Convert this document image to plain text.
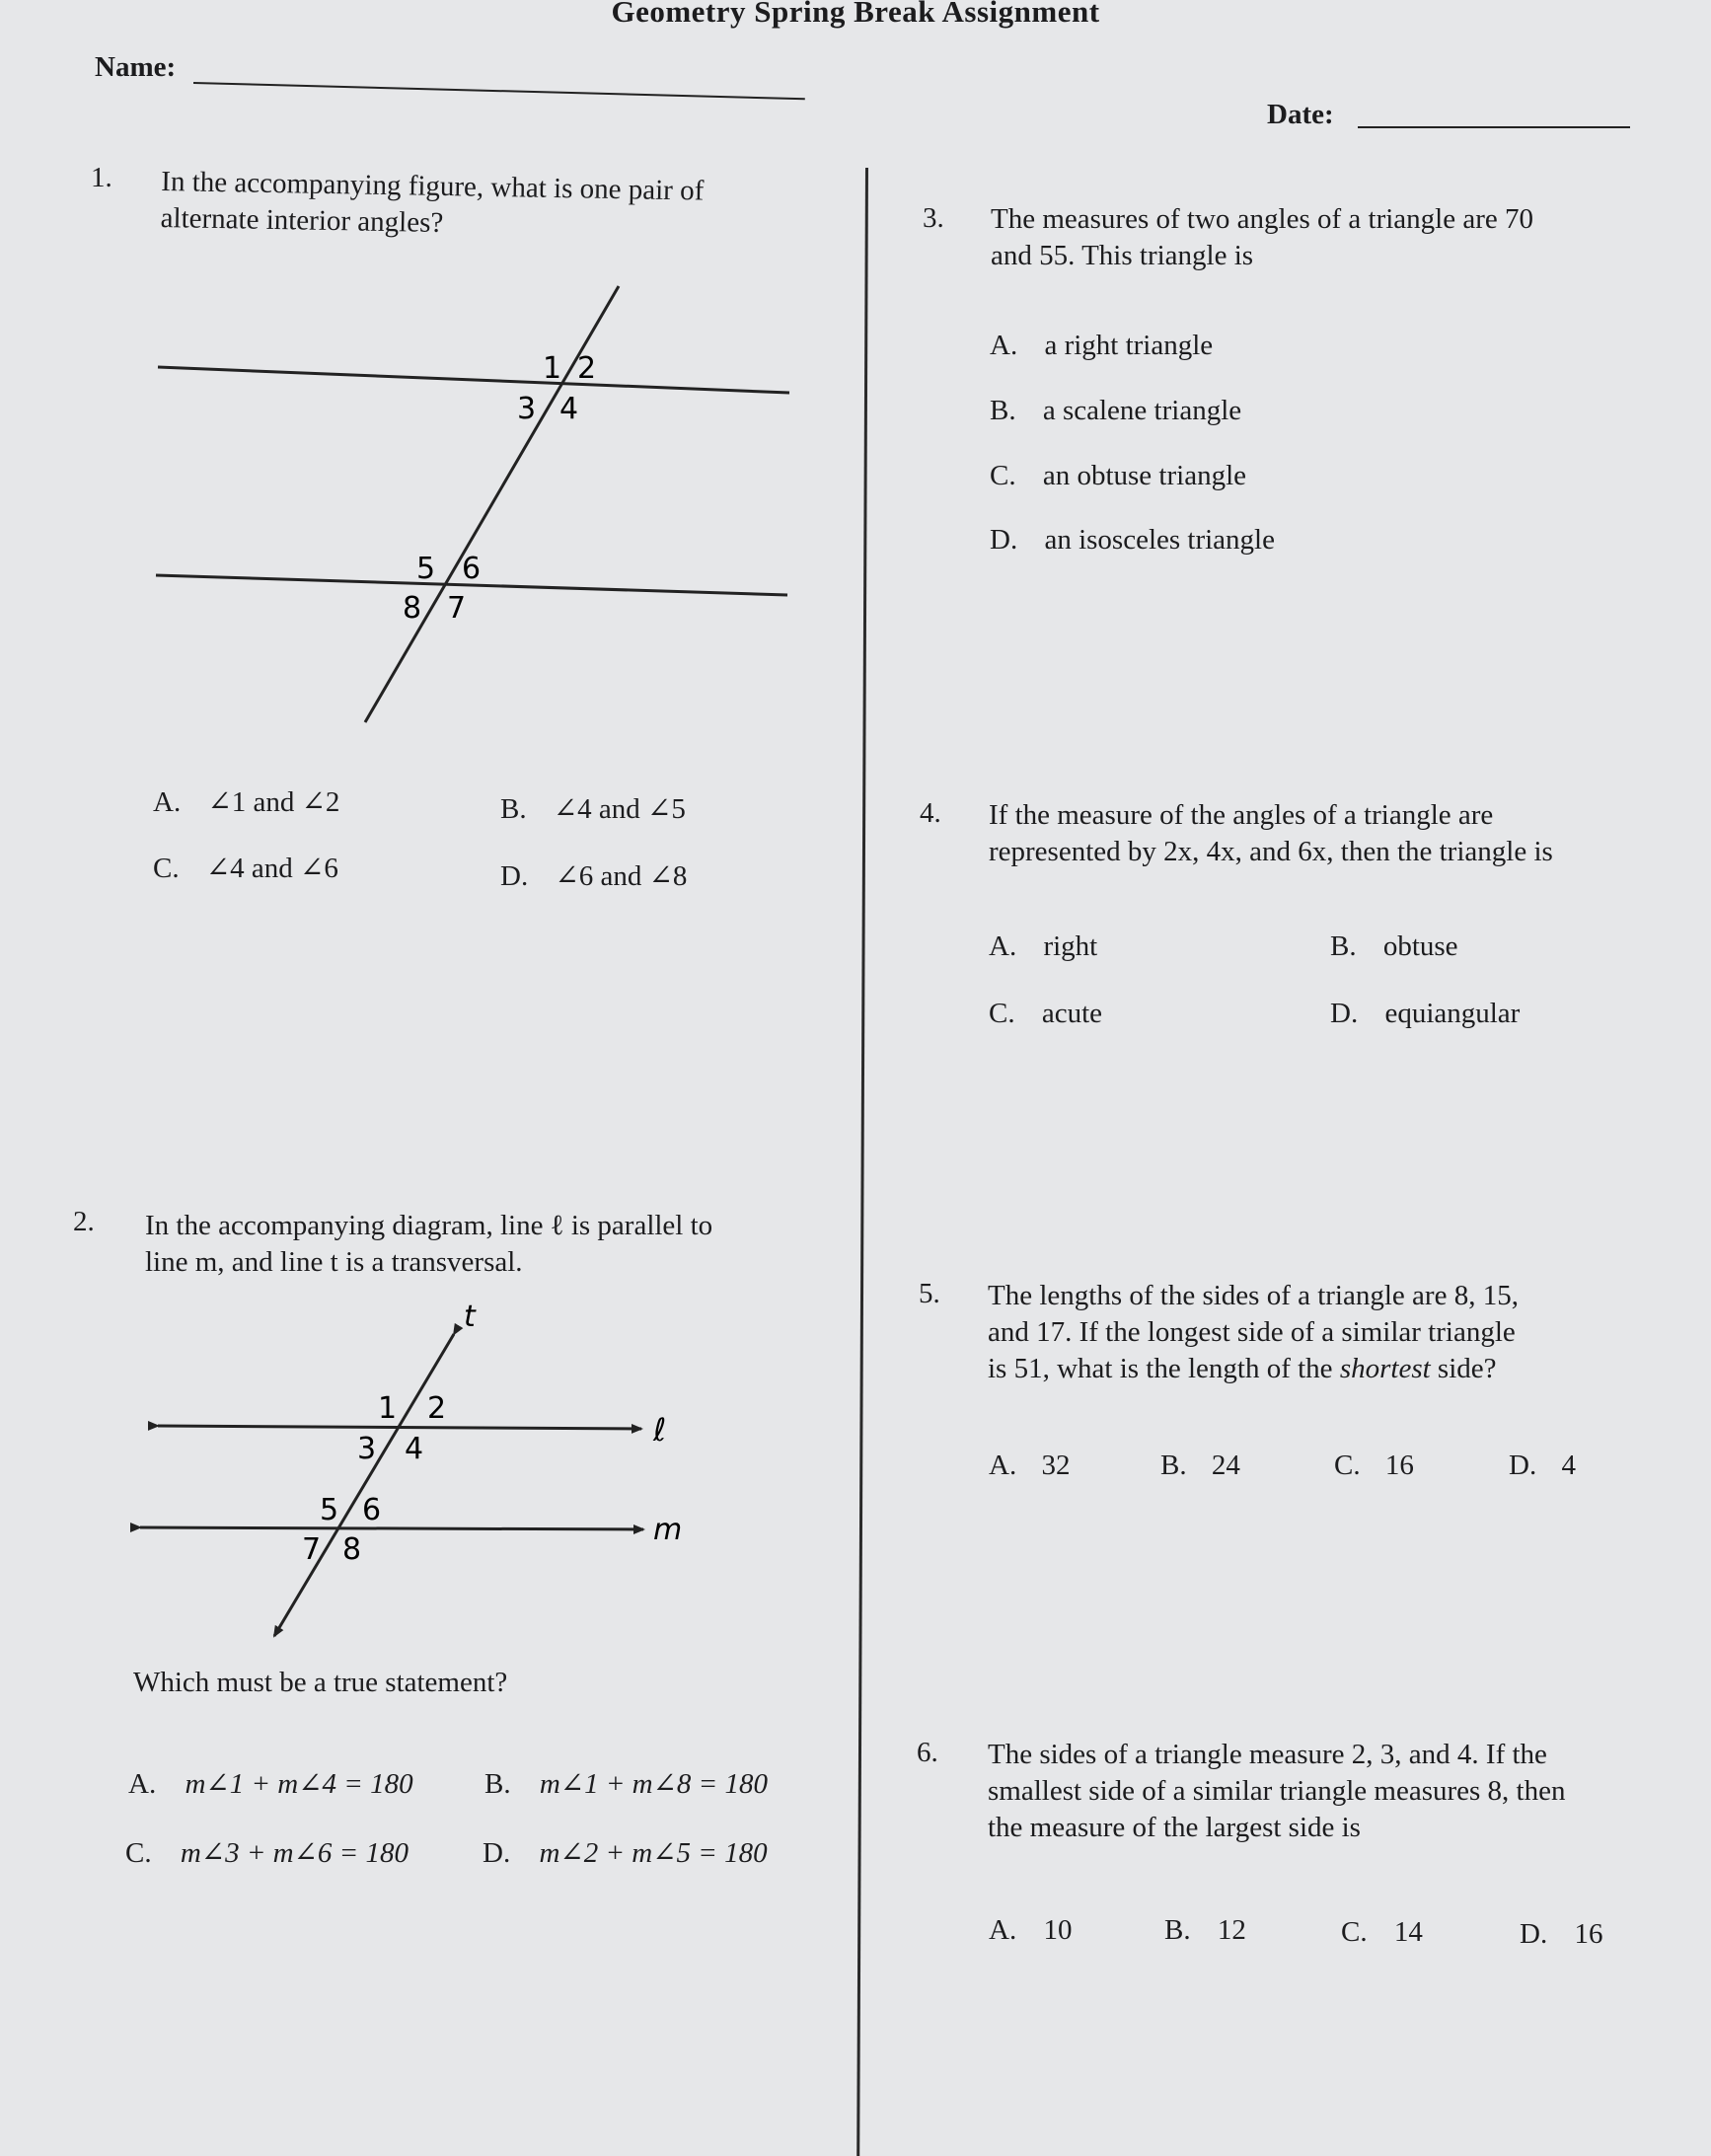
Geometry Spring Break Assignment
Name:
Date:
1. In the accompanying figure, what is one pair of alternate interior angles?
1 2
3 4
5 6
8 7
A. ∠1 and ∠2	B. ∠4 and ∠5
C. ∠4 and ∠6	D. ∠6 and ∠8
2. In the accompanying diagram, line ℓ is parallel to
line m, and line t is a transversal.
t
ℓ
m
1 2
3 4
5 6
7 8
Which must be a true statement?
A. m∠1 + m∠4 = 180 B. m∠1 + m∠8 = 180
C. m∠3 + m∠6 = 180	D. m∠2 + m∠5 = 180
3. The measures of two angles of a triangle are 70
and 55. This triangle is
A. a right triangle
B. a scalene triangle
C. an obtuse triangle
D. an isosceles triangle
4. If the measure of the angles of a triangle are
represented by 2x, 4x, and 6x, then the triangle is
A. right	B. obtuse
C. acute	D. equiangular
5. The lengths of the sides of a triangle are 8, 15,
and 17. If the longest side of a similar triangle
is 51, what is the length of the shortest side?
A. 32	B. 24	C. 16	D. 4
6. The sides of a triangle measure 2, 3, and 4. If the
smallest side of a similar triangle measures 8, then
the measure of the largest side is
A. 10	B. 12	C. 14	D. 16
